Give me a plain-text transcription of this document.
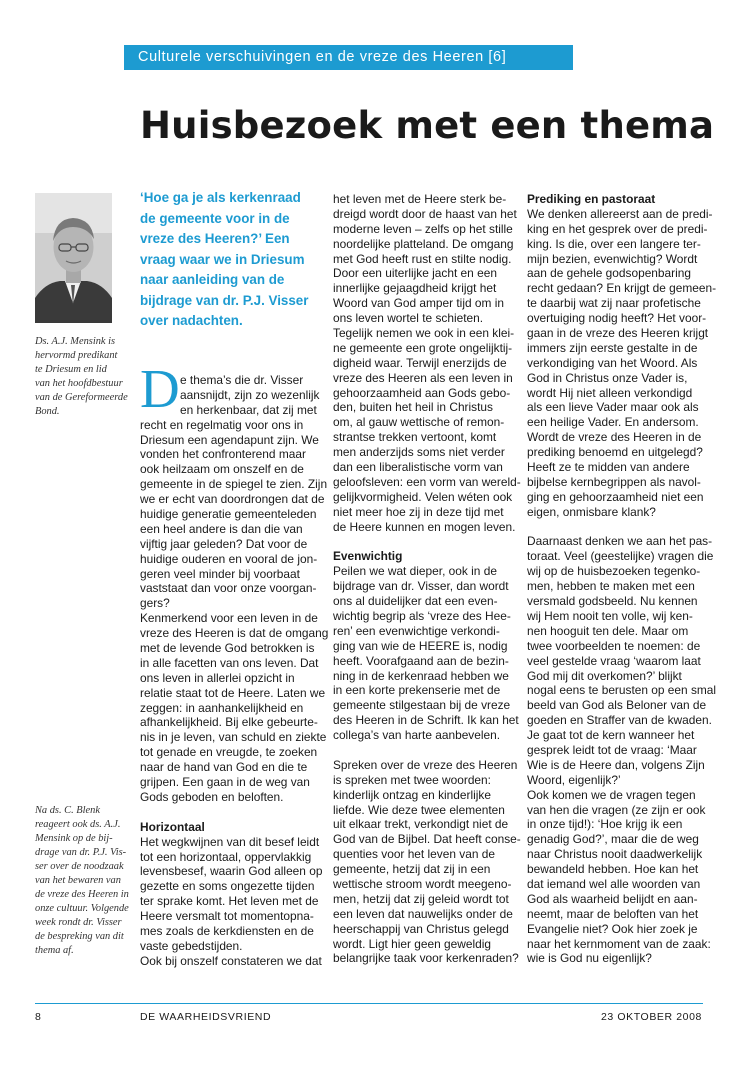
Culturele verschuivingen en de vreze des Heeren [6]
Huisbezoek met een thema
Ds. A.J. Mensink is
hervormd predikant
te Driesum en lid
van het hoofdbestuur
van de Gereformeerde
Bond.
Na ds. C. Blenk
reageert ook ds. A.J.
Mensink op de bij-
drage van dr. P.J. Vis-
ser over de noodzaak
van het bewaren van
de vreze des Heeren in
onze cultuur. Volgende
week rondt dr. Visser
de bespreking van dit
thema af.
‘Hoe ga je als kerkenraad
de gemeente voor in de
vreze des Heeren?’ Een
vraag waar we in Driesum
naar aanleiding van de
bijdrage van dr. P.J. Visser
over nadachten.
D e thema’s die dr. Visser
aansnijdt, zijn zo wezenlijk
en herkenbaar, dat zij met
recht en regelmatig voor ons in
Driesum een agendapunt zijn. We
vonden het confronterend maar
ook heilzaam om onszelf en de
gemeente in de spiegel te zien. Zijn
we er echt van doordrongen dat de
huidige generatie gemeenteleden
een heel andere is dan die van
vijftig jaar geleden? Dat voor de
huidige ouderen en vooral de jon-
geren veel minder bij voorbaat
vaststaat dan voor onze voorgan-
gers?
Kenmerkend voor een leven in de
vreze des Heeren is dat de omgang
met de levende God betrokken is
in alle facetten van ons leven. Dat
ons leven in allerlei opzicht in
relatie staat tot de Heere. Laten we
zeggen: in aanhankelijkheid en
afhankelijkheid. Bij elke gebeurte-
nis in je leven, van schuld en ziekte
tot genade en vreugde, te zoeken
naar de hand van God en die te
grijpen. Een gaan in de weg van
Gods geboden en beloften.
Horizontaal
Het wegkwijnen van dit besef leidt
tot een horizontaal, oppervlakkig
levensbesef, waarin God alleen op
gezette en soms ongezette tijden
ter sprake komt. Het leven met de
Heere versmalt tot momentopna-
mes zoals de kerkdiensten en de
vaste gebedstijden.
Ook bij onszelf constateren we dat
het leven met de Heere sterk be-
dreigd wordt door de haast van het
moderne leven – zelfs op het stille
noordelijke platteland. De omgang
met God heeft rust en stilte nodig.
Door een uiterlijke jacht en een
innerlijke gejaagdheid krijgt het
Woord van God amper tijd om in
ons leven wortel te schieten.
Tegelijk nemen we ook in een klei-
ne gemeente een grote ongelijktij-
digheid waar. Terwijl enerzijds de
vreze des Heeren als een leven in
gehoorzaamheid aan Gods gebo-
den, buiten het heil in Christus
om, al gauw wettische of remon-
strantse trekken vertoont, komt
men anderzijds soms niet verder
dan een liberalistische vorm van
geloofsleven: een vorm van wereld-
gelijkvormigheid. Velen wéten ook
niet meer hoe zij in deze tijd met
de Heere kunnen en mogen leven.
Evenwichtig
Peilen we wat dieper, ook in de
bijdrage van dr. Visser, dan wordt
ons al duidelijker dat een even-
wichtig begrip als ‘vreze des Hee-
ren’ een evenwichtige verkondi-
ging van wie de HEERE is, nodig
heeft. Voorafgaand aan de bezin-
ning in de kerkenraad hebben we
in een korte prekenserie met de
gemeente stilgestaan bij de vreze
des Heeren in de Schrift. Ik kan het
collega’s van harte aanbevelen.
Spreken over de vreze des Heeren
is spreken met twee woorden:
kinderlijk ontzag en kinderlijke
liefde. Wie deze twee elementen
uit elkaar trekt, verkondigt niet de
God van de Bijbel. Dat heeft conse-
quenties voor het leven van de
gemeente, hetzij dat zij in een
wettische stroom wordt meegeno-
men, hetzij dat zij geleid wordt tot
een leven dat nauwelijks onder de
heerschappij van Christus gelegd
wordt. Ligt hier geen geweldig
belangrijke taak voor kerkenraden?
Prediking en pastoraat
We denken allereerst aan de predi-
king en het gesprek over de predi-
king. Is die, over een langere ter-
mijn bezien, evenwichtig? Wordt
aan de gehele godsopenbaring
recht gedaan? En krijgt de gemeen-
te daarbij wat zij naar profetische
overtuiging nodig heeft? Het voor-
gaan in de vreze des Heeren krijgt
immers zijn eerste gestalte in de
verkondiging van het Woord. Als
God in Christus onze Vader is,
wordt Hij niet alleen verkondigd
als een lieve Vader maar ook als
een heilige Vader. En andersom.
Wordt de vreze des Heeren in de
prediking benoemd en uitgelegd?
Heeft ze te midden van andere
bijbelse kernbegrippen als navol-
ging en gehoorzaamheid niet een
eigen, onmisbare klank?
Daarnaast denken we aan het pas-
toraat. Veel (geestelijke) vragen die
wij op de huisbezoeken tegenko-
men, hebben te maken met een
versmald godsbeeld. Nu kennen
wij Hem nooit ten volle, wij ken-
nen hooguit ten dele. Maar om
twee voorbeelden te noemen: de
veel gestelde vraag ‘waarom laat
God mij dit overkomen?’ blijkt
nogal eens te berusten op een smal
beeld van God als Beloner van de
goeden en Straffer van de kwaden.
Je gaat tot de kern wanneer het
gesprek leidt tot de vraag: ‘Maar
Wie is de Heere dan, volgens Zijn
Woord, eigenlijk?’
Ook komen we de vragen tegen
van hen die vragen (ze zijn er ook
in onze tijd!): ‘Hoe krijg ik een
genadig God?’, maar die de weg
naar Christus nooit daadwerkelijk
bewandeld hebben. Hoe kan het
dat iemand wel alle woorden van
God als waarheid belijdt en aan-
neemt, maar de beloften van het
Evangelie niet? Ook hier zoek je
naar het kernmoment van de zaak:
wie is God nu eigenlijk?
8	DE WAARHEIDSVRIEND	23 OKTOBER 2008
